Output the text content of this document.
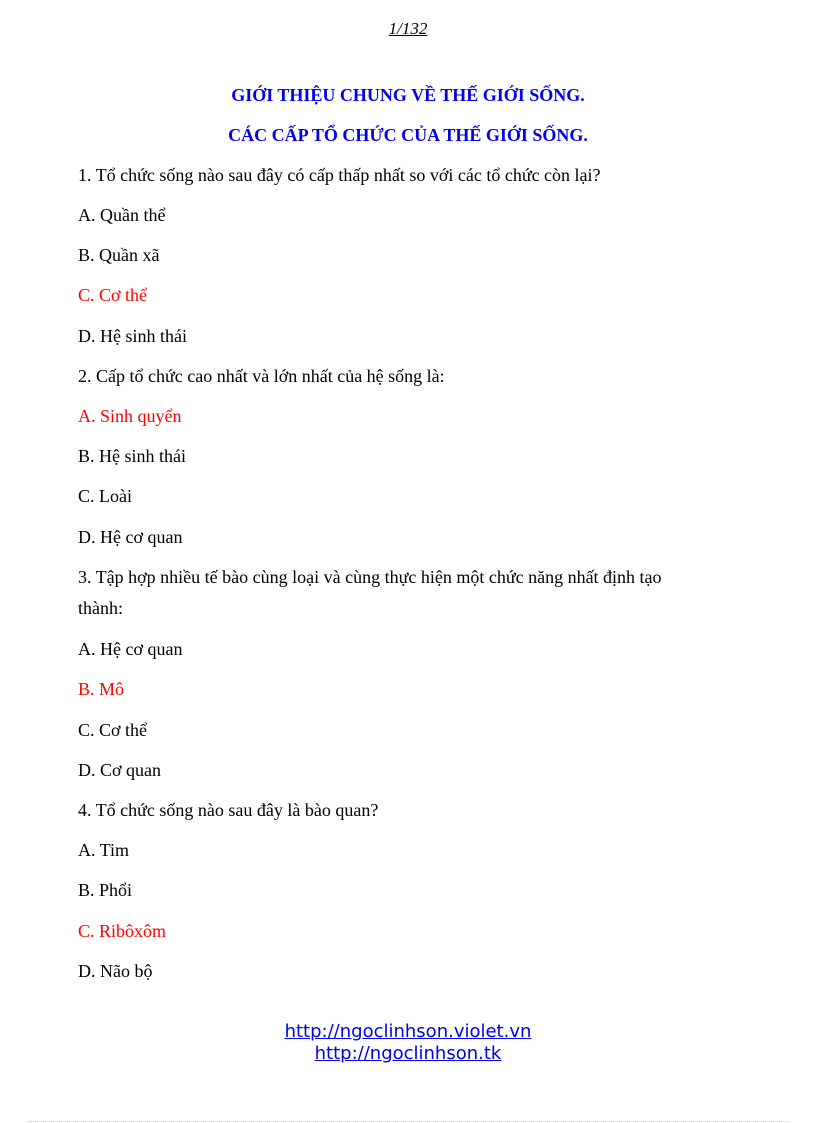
1/132
GIỚI THIỆU CHUNG VỀ THẾ GIỚI SỐNG.
CÁC CẤP TỔ CHỨC CỦA THẾ GIỚI SỐNG.
1. Tổ chức sống nào sau đây có cấp thấp nhất so với các tổ chức còn lại?
A. Quần thể
B. Quần xã
C. Cơ thể
D. Hệ sinh thái
2. Cấp tổ chức cao nhất và lớn nhất của hệ sống là:
A. Sinh quyển
B. Hệ sinh thái
C. Loài
D. Hệ cơ quan
3. Tập hợp nhiều tế bào cùng loại và cùng thực hiện một chức năng nhất định tạo
thành:
A. Hệ cơ quan
B. Mô
C. Cơ thể
D. Cơ quan
4. Tổ chức sống nào sau đây là bào quan?
A. Tim
B. Phổi
C. Ribôxôm
D. Não bộ
http://ngoclinhson.violet.vn
http://ngoclinhson.tk
